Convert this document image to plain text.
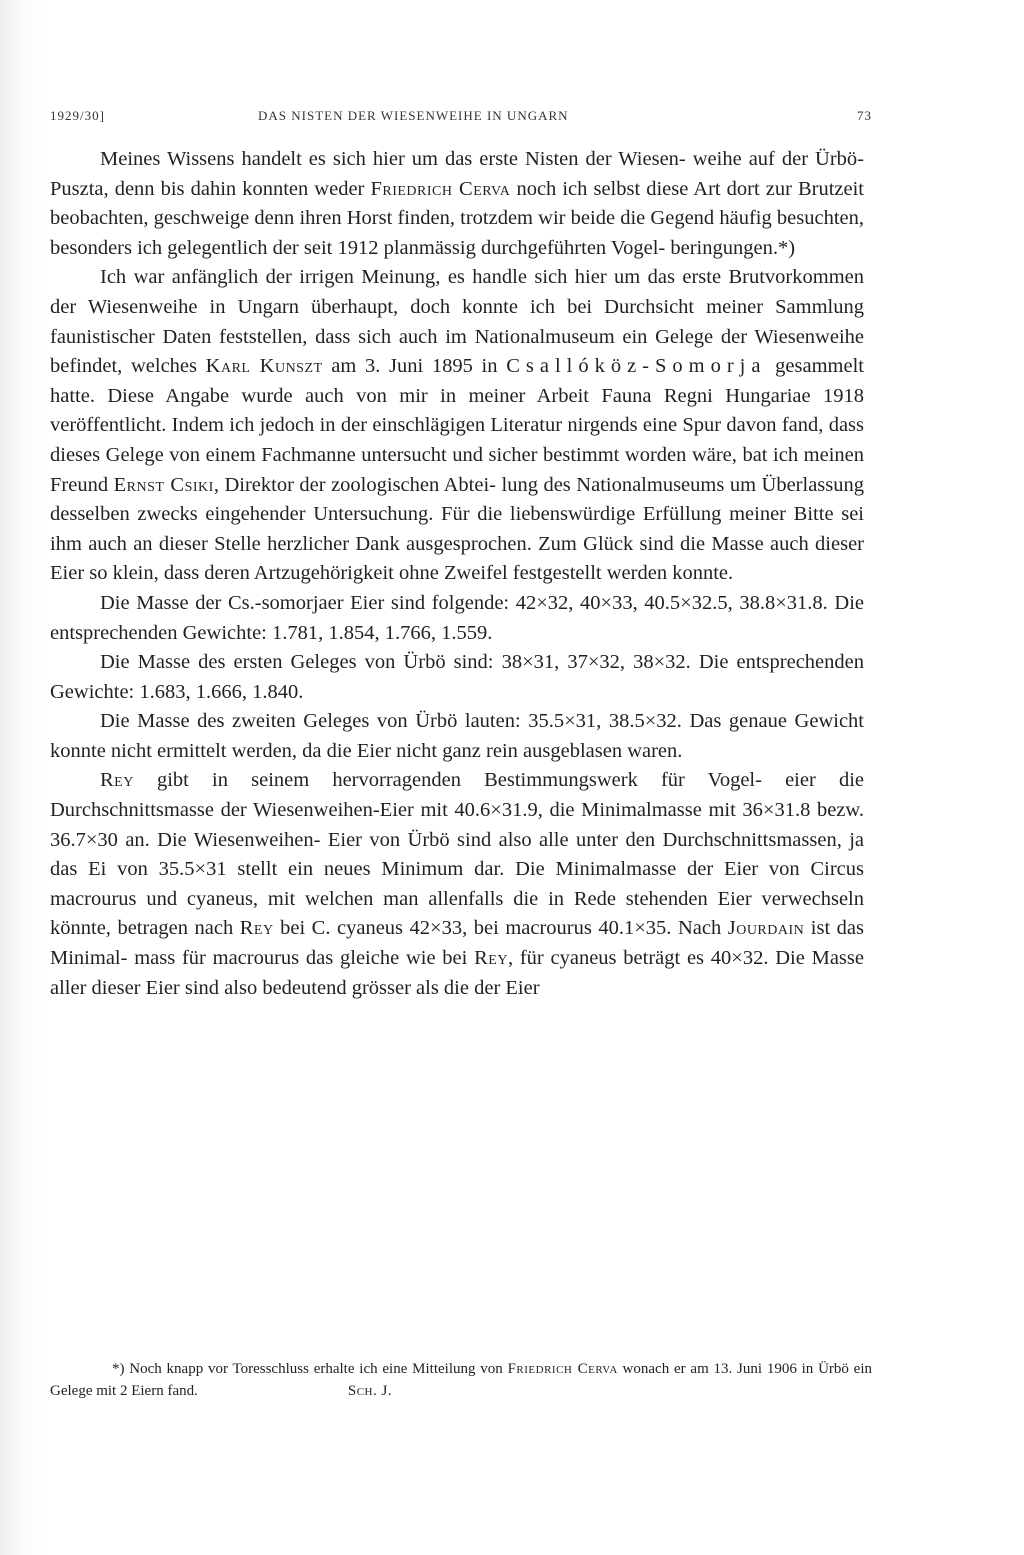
1929/30]	DAS NISTEN DER WIESENWEIHE IN UNGARN	73

Meines Wissens handelt es sich hier um das erste Nisten der Wiesen- weihe auf der Ürbö-Puszta, denn bis dahin konnten weder Friedrich Cerva noch ich selbst diese Art dort zur Brutzeit beobachten, geschweige denn ihren Horst finden, trotzdem wir beide die Gegend häufig besuchten, besonders ich gelegentlich der seit 1912 planmässig durchgeführten Vogel- beringungen.*)

Ich war anfänglich der irrigen Meinung, es handle sich hier um das erste Brutvorkommen der Wiesenweihe in Ungarn überhaupt, doch konnte ich bei Durchsicht meiner Sammlung faunistischer Daten feststellen, dass sich auch im Nationalmuseum ein Gelege der Wiesenweihe befindet, welches Karl Kunszt am 3. Juni 1895 in Csallóköz-Somorja gesammelt hatte. Diese Angabe wurde auch von mir in meiner Arbeit Fauna Regni Hungariae 1918 veröffentlicht. Indem ich jedoch in der einschlägigen Literatur nirgends eine Spur davon fand, dass dieses Gelege von einem Fachmanne untersucht und sicher bestimmt worden wäre, bat ich meinen Freund Ernst Csiki, Direktor der zoologischen Abtei- lung des Nationalmuseums um Überlassung desselben zwecks eingehender Untersuchung. Für die liebenswürdige Erfüllung meiner Bitte sei ihm auch an dieser Stelle herzlicher Dank ausgesprochen. Zum Glück sind die Masse auch dieser Eier so klein, dass deren Artzugehörigkeit ohne Zweifel festgestellt werden konnte.

Die Masse der Cs.-somorjaer Eier sind folgende: 42×32, 40×33, 40.5×32.5, 38.8×31.8. Die entsprechenden Gewichte: 1.781, 1.854, 1.766, 1.559.

Die Masse des ersten Geleges von Ürbö sind: 38×31, 37×32, 38×32. Die entsprechenden Gewichte: 1.683, 1.666, 1.840.

Die Masse des zweiten Geleges von Ürbö lauten: 35.5×31, 38.5×32. Das genaue Gewicht konnte nicht ermittelt werden, da die Eier nicht ganz rein ausgeblasen waren.

Rey gibt in seinem hervorragenden Bestimmungswerk für Vogel- eier die Durchschnittsmasse der Wiesenweihen-Eier mit 40.6×31.9, die Minimalmasse mit 36×31.8 bezw. 36.7×30 an. Die Wiesenweihen- Eier von Ürbö sind also alle unter den Durchschnittsmassen, ja das Ei von 35.5×31 stellt ein neues Minimum dar. Die Minimalmasse der Eier von Circus macrourus und cyaneus, mit welchen man allenfalls die in Rede stehenden Eier verwechseln könnte, betragen nach Rey bei C. cyaneus 42×33, bei macrourus 40.1×35. Nach Jourdain ist das Minimal- mass für macrourus das gleiche wie bei Rey, für cyaneus beträgt es 40×32. Die Masse aller dieser Eier sind also bedeutend grösser als die der Eier

*) Noch knapp vor Toresschluss erhalte ich eine Mitteilung von Friedrich Cerva wonach er am 13. Juni 1906 in Ürbö ein Gelege mit 2 Eiern fand.          	Sch. J.
